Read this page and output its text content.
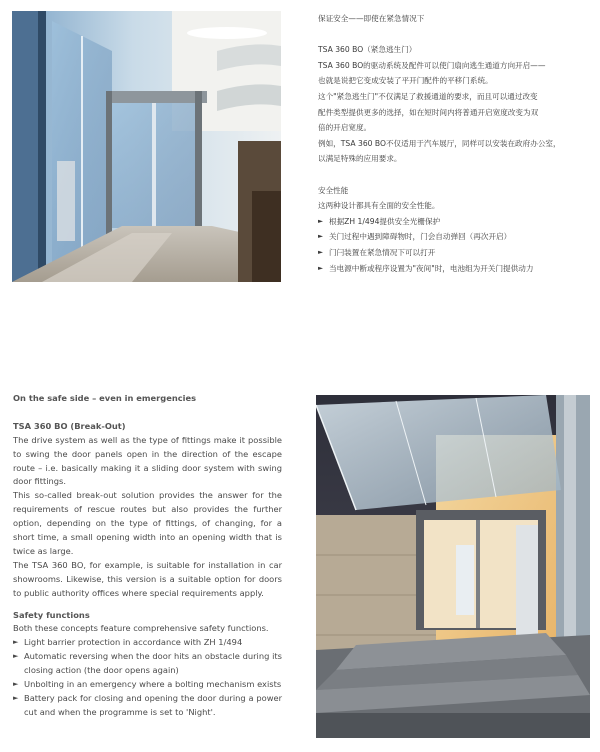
保证安全——即使在紧急情况下

TSA 360 BO（紧急逃生门）

TSA 360 BO的驱动系统及配件可以使门扇向逃生通道方向开启——

也就是说把它变成安装了平开门配件的平移门系统。

这个"紧急逃生门"不仅满足了救援通道的要求，而且可以通过改变

配件类型提供更多的选择，如在短时间内将普通开启宽度改变为双

倍的开启宽度。

例如，TSA 360 BO不仅适用于汽车展厅，同样可以安装在政府办公室，

以满足特殊的应用要求。

安全性能

这两种设计都具有全面的安全性能。

► 根据ZH 1/494提供安全光栅保护
► 关门过程中遇到障碍物时，门会自动弹回（再次开启）
► 门闩装置在紧急情况下可以打开
► 当电源中断或程序设置为"夜间"时，电池组为开关门提供动力

On the safe side – even in emergencies

TSA 360 BO (Break-Out)

The drive system as well as the type of fittings make it possible to swing the door panels open in the direction of the escape route – i.e. basically making it a sliding door system with swing door fittings.

This so-called break-out solution provides the answer for the requirements of rescue routes but also provides the further option, depending on the type of fittings, of changing, for a short time, a small opening width into an opening width that is twice as large.

The TSA 360 BO, for example, is suitable for installation in car showrooms. Likewise, this version is a suitable option for doors to public authority offices where special requirements apply.

Safety functions

Both these concepts feature comprehensive safety functions.

► Light barrier protection in accordance with ZH 1/494
► Automatic reversing when the door hits an obstacle during its closing action (the door opens again)
► Unbolting in an emergency where a bolting mechanism exists
► Battery pack for closing and opening the door during a power cut and when the programme is set to 'Night'.
